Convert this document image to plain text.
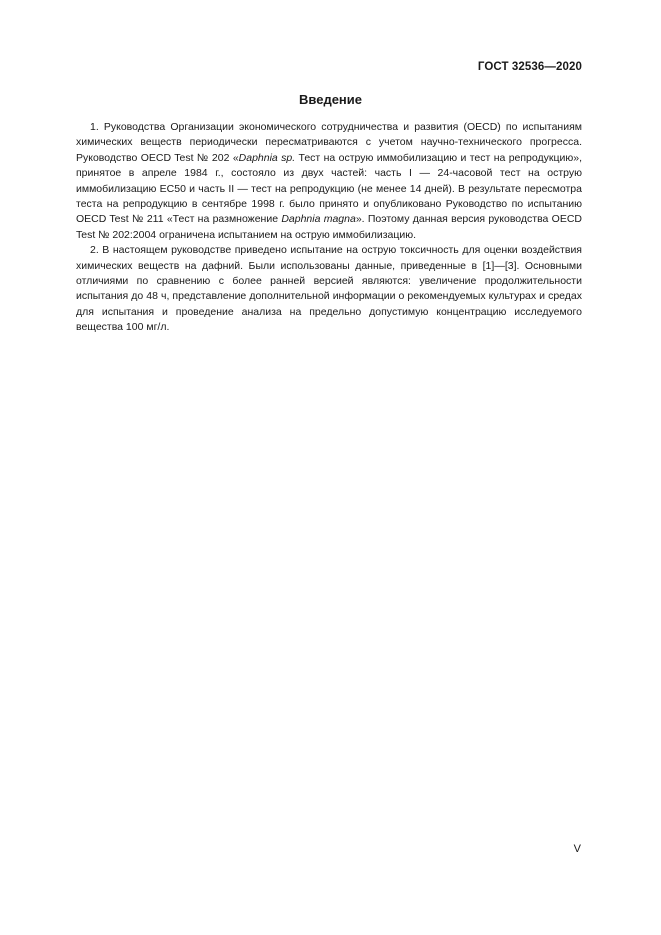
ГОСТ 32536—2020
Введение

1. Руководства Организации экономического сотрудничества и развития (OECD) по испытаниям химических веществ периодически пересматриваются с учетом научно-технического прогресса. Руководство OECD Test № 202 «Daphnia sp. Тест на острую иммобилизацию и тест на репродукцию», принятое в апреле 1984 г., состояло из двух частей: часть I — 24-часовой тест на острую иммобилизацию ЕС50 и часть II — тест на репродукцию (не менее 14 дней). В результате пересмотра теста на репродукцию в сентябре 1998 г. было принято и опубликовано Руководство по испытанию OECD Test № 211 «Тест на размножение Daphnia magna». Поэтому данная версия руководства OECD Test № 202:2004 ограничена испытанием на острую иммобилизацию.

2. В настоящем руководстве приведено испытание на острую токсичность для оценки воздействия химических веществ на дафний. Были использованы данные, приведенные в [1]—[3]. Основными отличиями по сравнению с более ранней версией являются: увеличение продолжительности испытания до 48 ч, представление дополнительной информации о рекомендуемых культурах и средах для испытания и проведение анализа на предельно допустимую концентрацию исследуемого вещества 100 мг/л.

V
